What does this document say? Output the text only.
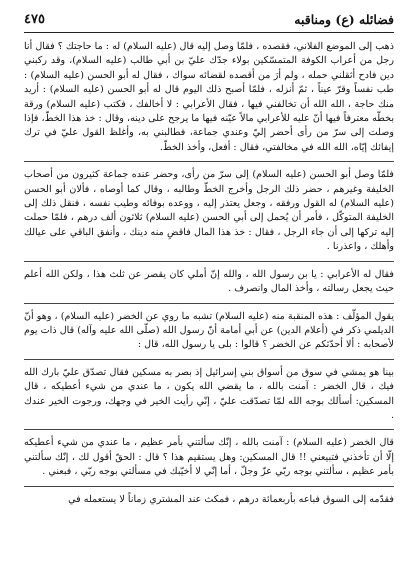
فضائله (ع) ومناقبه
٤٧٥

ذهب إلى الموضع الفلاني، فقصده ، فلمّا وصل إليه قال (عليه السلام) له : ما حاجتك ؟ فقال أنا رجل من أعراب الكوفة المتمسّكين بولاء جدّك عليّ بن أبي طالب (عليه السلام)، وقد ركبني دين فادح أثقلني حمله ، ولم أرَ من أقصده لقضائه سواك ، فقال له أبو الحسن (عليه السلام) : طب نفساً وقرّ عيناً ، ثمّ أنزله ، فلمّا أصبح ذلك اليوم قال له أبو الحسن (عليه السلام) : أريد منك حاجة ، الله الله أن تخالفني فيها ، فقال الأعرابي : لا أخالفك ، فكتب (عليه السلام) ورقة بخطّه معترفاً فيها أنّ عليه للأعرابي مالاً عيّنه فيها ما يرجح على دينه، وقال : خذ هذا الخطّ، فإذا وصلت إلى سرّ من رأى أحضر إليّ وعندي جماعة، فطالبني به، وأغلظ القول عليّ في ترك إيفائك إيّاه، الله الله في مخالفتي، فقال : أفعل، وأخذ الخطّ.

فلمّا وصل أبو الحسن (عليه السلام) إلى سرّ من رأى، وحضر عنده جماعة كثيرون من أصحاب الخليفة وغيرهم ، حضر ذلك الرجل وأخرج الخطّ وطالبه ، وقال كما أوصاه ، فألان أبو الحسن (عليه السلام) له القول ورفقه ، وجعل يعتذر إليه ، ووعده بوفائه وطيب نفسه ، فنقل ذلك إلى الخليفة المتوكّل ، فأمر أن يُحمل إلى أبي الحسن (عليه السلام) ثلاثون ألف درهم ، فلمّا حملت إليه تركها إلى أن جاء الرجل ، فقال : خذ هذا المال فاقضِ منه دينك ، وأنفق الباقي على عيالك وأهلك ، واعذرنا .

فقال له الأعرابي : يا بن رسول الله ، والله إنّ أملي كان يقصر عن ثلث هذا ، ولكن الله أعلم حيث يجعل رسالته ، وأخذ المال وانصرف .

يقول المؤلّف : هذه المنقبة منه (عليه السلام) تشبه ما روي عن الخضر (عليه السلام) ، وهو أنّ الديلمي ذكر في (أعلام الدين) عن أبي أمامة أنّ رسول الله (صلّى الله عليه وآله) قال ذات يوم لأصحابه : ألا أحدّثكم عن الخضر ؟ قالوا : بلى يا رسول الله، قال :

بينا هو يمشي في سوق من أسواق بني إسرائيل إذ بصر به مسكين فقال تصدّق عليّ بارك الله فيك ، قال الخضر : آمنت بالله ، ما يقضي الله يكون ، ما عندي من شيء أعطيكه ، قال المسكين: أسألك بوجه الله لمّا تصدّقت عليّ ، إنّي رأيت الخير في وجهك، ورجوت الخير عندك .

قال الخضر (عليه السلام) : آمنت بالله ، إنّك سألتني بأمر عظيم ، ما عندي من شيء أعطيكه إلّا أن تأخذني فتبيعني !! قال المسكين: وهل يستقيم هذا ؟ قال : الحقّ أقول لك ، إنّك سألتني بأمر عظيم ، سألتني بوجه ربّي عزّ وجلّ ، أما إنّي لا أخيّبك في مسألتي بوجه ربّي ، فبعني .

فقدّمه إلى السوق فباعه بأربعمائة درهم ، فمكث عند المشتري زماناً لا يستعمله في
